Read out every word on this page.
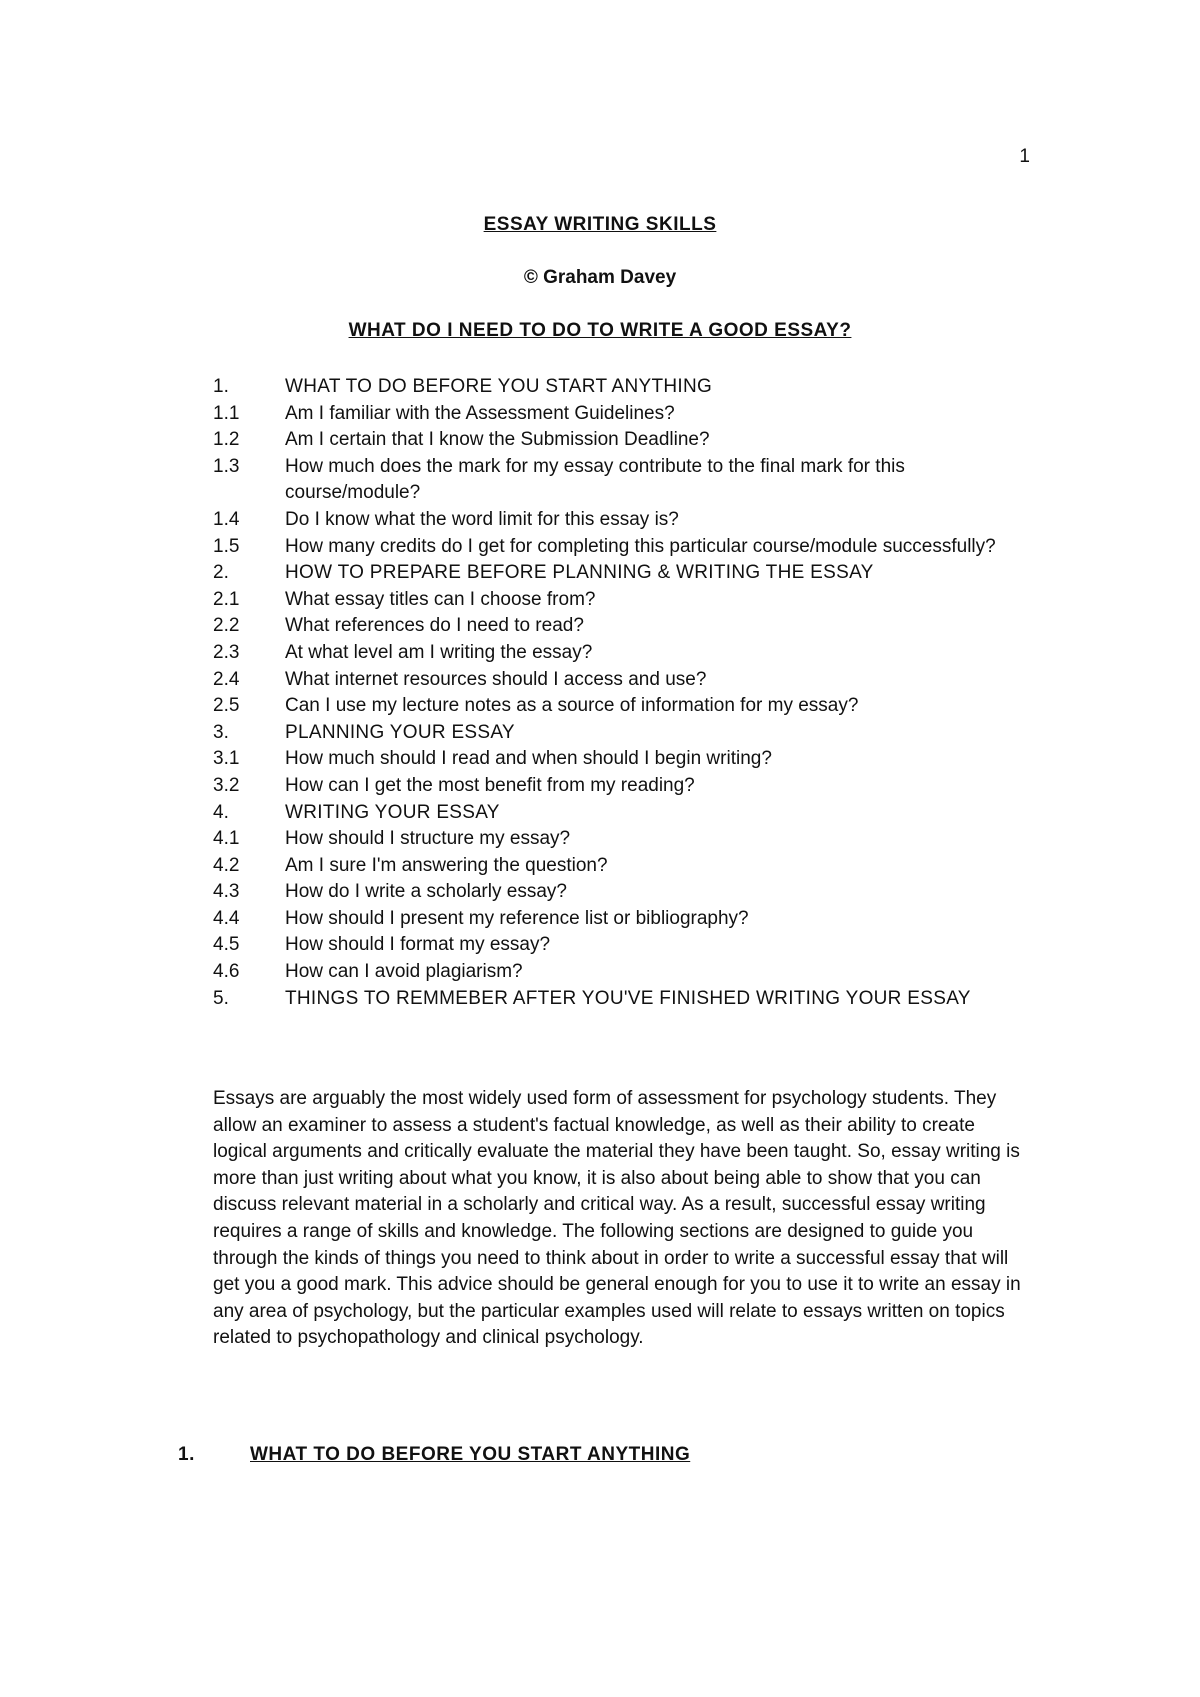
1
ESSAY WRITING SKILLS
© Graham Davey
WHAT DO I NEED TO DO TO WRITE A GOOD ESSAY?
1.	WHAT TO DO BEFORE YOU START ANYTHING
1.1	Am I familiar with the Assessment Guidelines?
1.2	Am I certain that I know the Submission Deadline?
1.3	How much does the mark for my essay contribute to the final mark for this course/module?
1.4	Do I know what the word limit for this essay is?
1.5	How many credits do I get for completing this particular course/module successfully?
2.	HOW TO PREPARE BEFORE PLANNING & WRITING THE ESSAY
2.1	What essay titles can I choose from?
2.2	What references do I need to read?
2.3	At what level am I writing the essay?
2.4	What internet resources should I access and use?
2.5	Can I use my lecture notes as a source of information for my essay?
3.	PLANNING YOUR ESSAY
3.1	How much should I read and when should I begin writing?
3.2	How can I get the most benefit from my reading?
4.	WRITING YOUR ESSAY
4.1	How should I structure my essay?
4.2	Am I sure I'm answering the question?
4.3	How do I write a scholarly essay?
4.4	How should I present my reference list or bibliography?
4.5	How should I format my essay?
4.6	How can I avoid plagiarism?
5.	THINGS TO REMMEBER AFTER YOU'VE FINISHED WRITING YOUR ESSAY

Essays are arguably the most widely used form of assessment for psychology students. They allow an examiner to assess a student's factual knowledge, as well as their ability to create logical arguments and critically evaluate the material they have been taught. So, essay writing is more than just writing about what you know, it is also about being able to show that you can discuss relevant material in a scholarly and critical way. As a result, successful essay writing requires a range of skills and knowledge. The following sections are designed to guide you through the kinds of things you need to think about in order to write a successful essay that will get you a good mark. This advice should be general enough for you to use it to write an essay in any area of psychology, but the particular examples used will relate to essays written on topics related to psychopathology and clinical psychology.

1.	WHAT TO DO BEFORE YOU START ANYTHING
